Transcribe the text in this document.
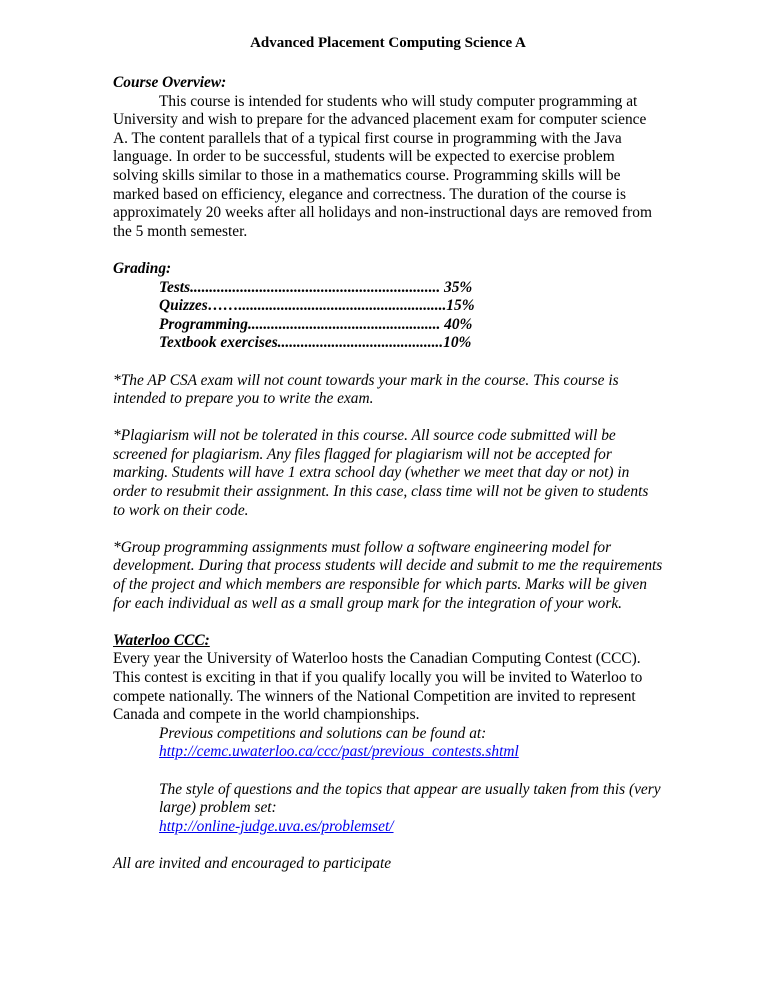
Advanced Placement Computing Science A
Course Overview:

This course is intended for students who will study computer programming at University and wish to prepare for the advanced placement exam for computer science A. The content parallels that of a typical first course in programming with the Java language. In order to be successful, students will be expected to exercise problem solving skills similar to those in a mathematics course. Programming skills will be marked based on efficiency, elegance and correctness. The duration of the course is approximately 20 weeks after all holidays and non-instructional days are removed from the 5 month semester.

Grading:
Tests................................................................. 35%
Quizzes……......................................................15%
Programming.................................................. 40%
Textbook exercises...........................................10%

*The AP CSA exam will not count towards your mark in the course. This course is intended to prepare you to write the exam.

*Plagiarism will not be tolerated in this course. All source code submitted will be screened for plagiarism. Any files flagged for plagiarism will not be accepted for marking. Students will have 1 extra school day (whether we meet that day or not) in order to resubmit their assignment. In this case, class time will not be given to students to work on their code.

*Group programming assignments must follow a software engineering model for development. During that process students will decide and submit to me the requirements of the project and which members are responsible for which parts. Marks will be given for each individual as well as a small group mark for the integration of your work.

Waterloo CCC:

Every year the University of Waterloo hosts the Canadian Computing Contest (CCC). This contest is exciting in that if you qualify locally you will be invited to Waterloo to compete nationally. The winners of the National Competition are invited to represent Canada and compete in the world championships.

Previous competitions and solutions can be found at:

http://cemc.uwaterloo.ca/ccc/past/previous_contests.shtml

The style of questions and the topics that appear are usually taken from this (very large) problem set:

http://online-judge.uva.es/problemset/

All are invited and encouraged to participate
